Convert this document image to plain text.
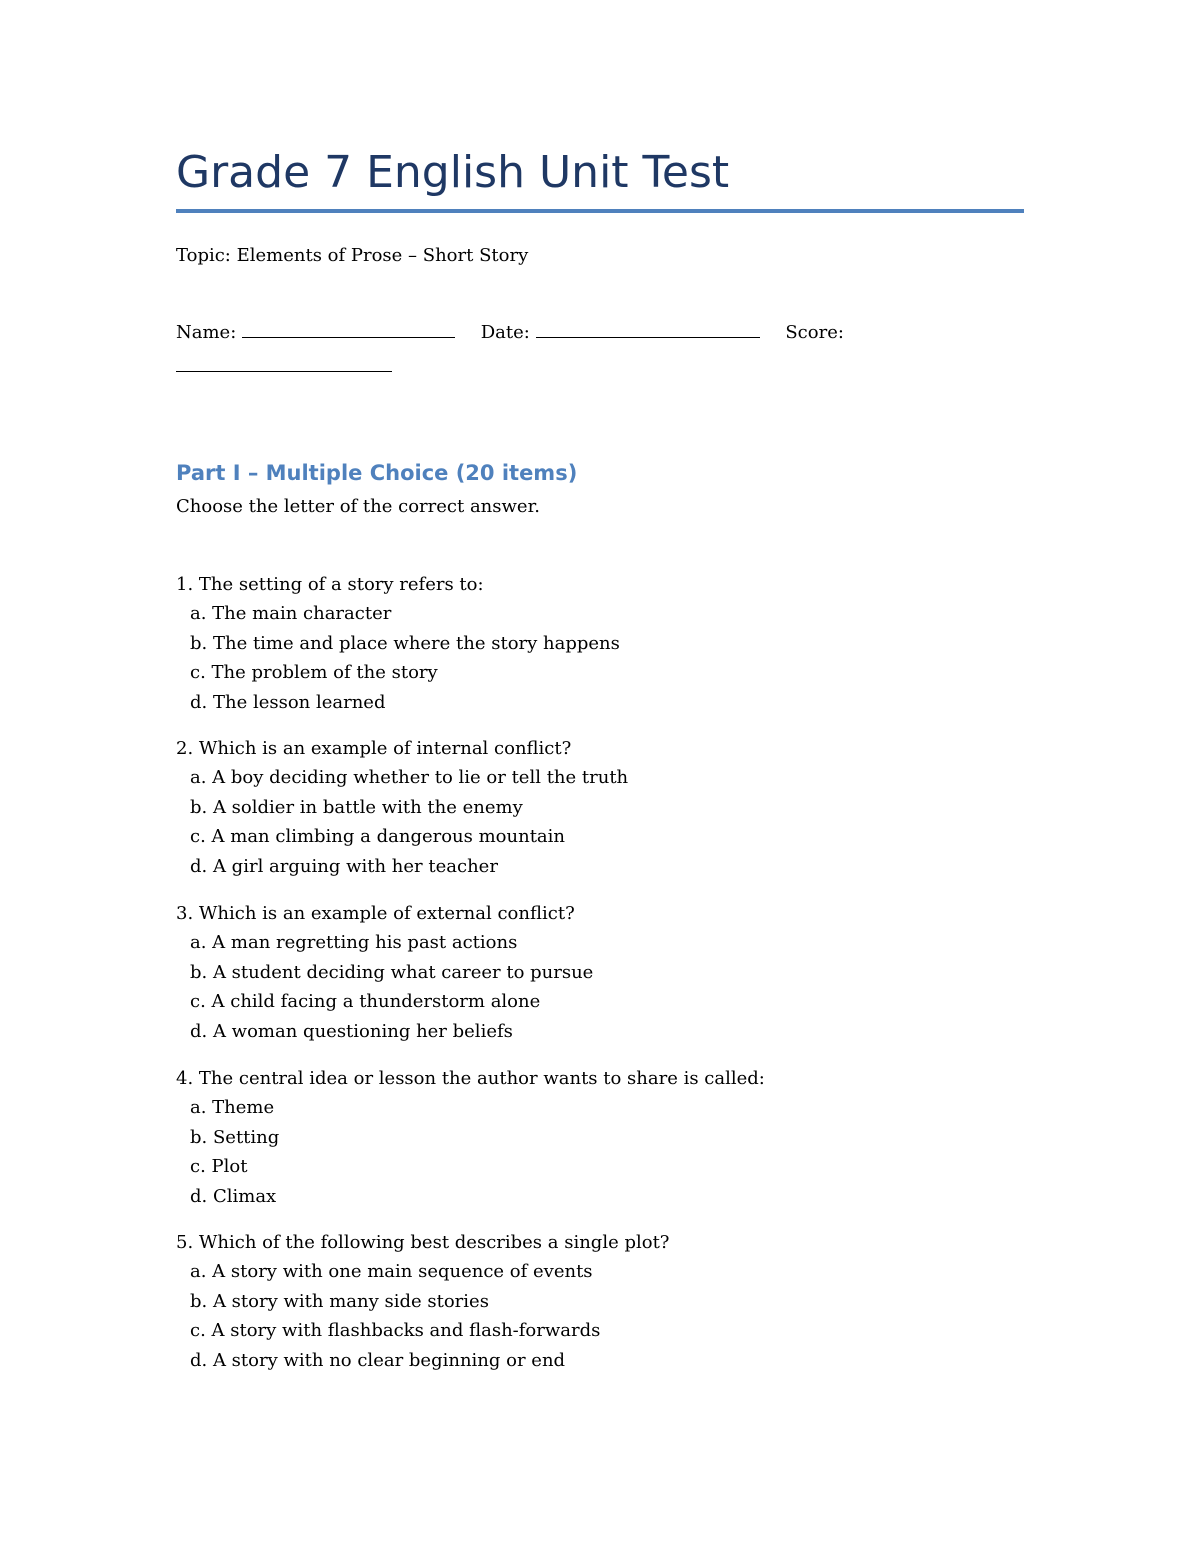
Grade 7 English Unit Test
Topic: Elements of Prose – Short Story
Name:	Date:	Score:
Part I – Multiple Choice (20 items)
Choose the letter of the correct answer.
1. The setting of a story refers to:
a. The main character
b. The time and place where the story happens
c. The problem of the story
d. The lesson learned
2. Which is an example of internal conflict?
a. A boy deciding whether to lie or tell the truth
b. A soldier in battle with the enemy
c. A man climbing a dangerous mountain
d. A girl arguing with her teacher
3. Which is an example of external conflict?
a. A man regretting his past actions
b. A student deciding what career to pursue
c. A child facing a thunderstorm alone
d. A woman questioning her beliefs
4. The central idea or lesson the author wants to share is called:
a. Theme
b. Setting
c. Plot
d. Climax
5. Which of the following best describes a single plot?
a. A story with one main sequence of events
b. A story with many side stories
c. A story with flashbacks and flash-forwards
d. A story with no clear beginning or end
